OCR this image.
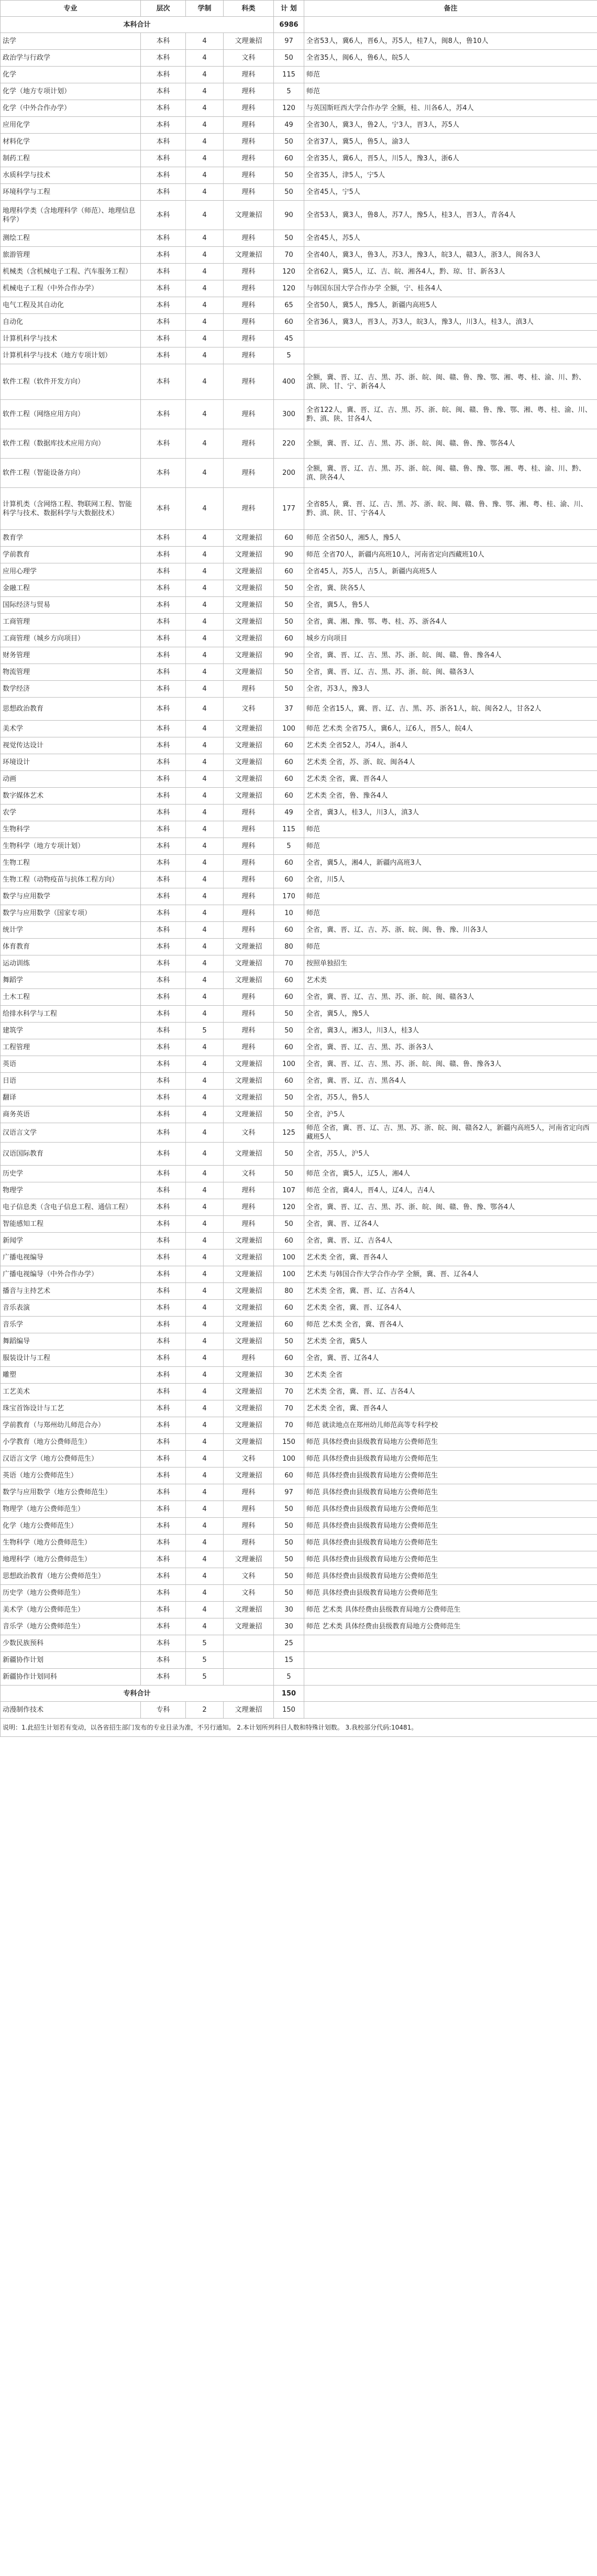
专业	层次	学制	科类	计 划	备注
本科合计				6986	
法学	本科	4	文理兼招	97	全省53人，冀6人，晋6人，苏5人，桂7人，闽8人，鲁10人
政治学与行政学	本科	4	文科	50	全省35人，闽6人，鲁6人，皖5人
化学	本科	4	理科	115	师范
化学（地方专项计划）	本科	4	理科	5	师范
化学（中外合作办学）	本科	4	理科	120	与英国斯旺西大学合作办学 全额，桂、川各6人，苏4人
应用化学	本科	4	理科	49	全省30人，冀3人，鲁2人，宁3人，晋3人，苏5人
材料化学	本科	4	理科	50	全省37人，冀5人，鲁5人，渝3人
制药工程	本科	4	理科	60	全省35人，冀6人，晋5人，川5人，豫3人，浙6人
水质科学与技术	本科	4	理科	50	全省35人，津5人，宁5人
环境科学与工程	本科	4	理科	50	全省45人，宁5人
地理科学类（含地理科学（师范）、地理信息科学）	本科	4	文理兼招	90	全省53人，冀3人，鲁8人，苏7人，豫5人，桂3人，晋3人，青各4人
测绘工程	本科	4	理科	50	全省45人，苏5人
旅游管理	本科	4	文理兼招	70	全省40人，冀3人，鲁3人，苏3人，豫3人，皖3人，赣3人，浙3人，闽各3人
机械类（含机械电子工程、汽车服务工程）	本科	4	理科	120	全省62人，冀5人，辽、吉、皖、湘各4人，黔、琼、甘、新各3人
机械电子工程（中外合作办学）	本科	4	理科	120	与韩国东国大学合作办学 全额，宁、桂各4人
电气工程及其自动化	本科	4	理科	65	全省50人，冀5人，豫5人，新疆内高班5人
自动化	本科	4	理科	60	全省36人，冀3人，晋3人，苏3人，皖3人，豫3人，川3人，桂3人，滇3人
计算机科学与技术	本科	4	理科	45	
计算机科学与技术（地方专项计划）	本科	4	理科	5	
软件工程（软件开发方向）	本科	4	理科	400	全额，冀、晋、辽、吉、黑、苏、浙、皖、闽、赣、鲁、豫、鄂、湘、粤、桂、渝、川、黔、滇、陕、甘、宁、新各4人
软件工程（网络应用方向）	本科	4	理科	300	全省122人，冀、晋、辽、吉、黑、苏、浙、皖、闽、赣、鲁、豫、鄂、湘、粤、桂、渝、川、黔、滇、陕、甘各4人
软件工程（数据库技术应用方向）	本科	4	理科	220	全额，冀、晋、辽、吉、黑、苏、浙、皖、闽、赣、鲁、豫、鄂各4人
软件工程（智能设备方向）	本科	4	理科	200	全额，冀、晋、辽、吉、黑、苏、浙、皖、闽、赣、鲁、豫、鄂、湘、粤、桂、渝、川、黔、滇、陕各4人
计算机类（含网络工程、物联网工程、智能科学与技术、数据科学与大数据技术）	本科	4	理科	177	全省85人，冀、晋、辽、吉、黑、苏、浙、皖、闽、赣、鲁、豫、鄂、湘、粤、桂、渝、川、黔、滇、陕、甘、宁各4人
教育学	本科	4	文理兼招	60	师范 全省50人，湘5人，豫5人
学前教育	本科	4	文理兼招	90	师范 全省70人，新疆内高班10人，河南省定向西藏班10人
应用心理学	本科	4	文理兼招	60	全省45人，苏5人，吉5人，新疆内高班5人
金融工程	本科	4	文理兼招	50	全省，冀、陕各5人
国际经济与贸易	本科	4	文理兼招	50	全省，冀5人，鲁5人
工商管理	本科	4	文理兼招	50	全省，冀、湘、豫、鄂、粤、桂、苏、浙各4人
工商管理（城乡方向项目）	本科	4	文理兼招	60	城乡方向项目
财务管理	本科	4	文理兼招	90	全省，冀、晋、辽、吉、黑、苏、浙、皖、闽、赣、鲁、豫各4人
物流管理	本科	4	文理兼招	50	全省，冀、晋、辽、吉、黑、苏、浙、皖、闽、赣各3人
数学经济	本科	4	理科	50	全省，苏3人，豫3人
思想政治教育	本科	4	文科	37	师范 全省15人，冀、晋、辽、吉、黑、苏、浙各1人，皖、闽各2人，甘各2人
美术学	本科	4	文理兼招	100	师范 艺术类 全省75人，冀6人，辽6人，晋5人，皖4人
视觉传达设计	本科	4	文理兼招	60	艺术类 全省52人，苏4人，浙4人
环境设计	本科	4	文理兼招	60	艺术类 全省，苏、浙、皖、闽各4人
动画	本科	4	文理兼招	60	艺术类 全省，冀、晋各4人
数字媒体艺术	本科	4	文理兼招	60	艺术类 全省，鲁、豫各4人
农学	本科	4	理科	49	全省，冀3人，桂3人，川3人，滇3人
生物科学	本科	4	理科	115	师范
生物科学（地方专项计划）	本科	4	理科	5	师范
生物工程	本科	4	理科	60	全省，冀5人，湘4人，新疆内高班3人
生物工程（动物疫苗与抗体工程方向）	本科	4	理科	60	全省，川5人
数学与应用数学	本科	4	理科	170	师范
数学与应用数学（国家专项）	本科	4	理科	10	师范
统计学	本科	4	理科	60	全省，冀、晋、辽、吉、苏、浙、皖、闽、鲁、豫、川各3人
体育教育	本科	4	文理兼招	80	师范
运动训练	本科	4	文理兼招	70	按照单独招生
舞蹈学	本科	4	文理兼招	60	艺术类
土木工程	本科	4	理科	60	全省，冀、晋、辽、吉、黑、苏、浙、皖、闽、赣各3人
给排水科学与工程	本科	4	理科	50	全省，冀5人，豫5人
建筑学	本科	5	理科	50	全省，冀3人，湘3人，川3人，桂3人
工程管理	本科	4	理科	60	全省，冀、晋、辽、吉、黑、苏、浙各3人
英语	本科	4	文理兼招	100	全省，冀、晋、辽、吉、黑、苏、浙、皖、闽、赣、鲁、豫各3人
日语	本科	4	文理兼招	60	全省，冀、晋、辽、吉、黑各4人
翻译	本科	4	文理兼招	50	全省，苏5人，鲁5人
商务英语	本科	4	文理兼招	50	全省，沪5人
汉语言文学	本科	4	文科	125	师范 全省，冀、晋、辽、吉、黑、苏、浙、皖、闽、赣各2人，新疆内高班5人，河南省定向西藏班5人
汉语国际教育	本科	4	文理兼招	50	全省，苏5人，沪5人
历史学	本科	4	文科	50	师范 全省，冀5人，辽5人，湘4人
物理学	本科	4	理科	107	师范 全省，冀4人，晋4人，辽4人，吉4人
电子信息类（含电子信息工程、通信工程）	本科	4	理科	120	全省，冀、晋、辽、吉、黑、苏、浙、皖、闽、赣、鲁、豫、鄂各4人
智能感知工程	本科	4	理科	50	全省，冀、晋、辽各4人
新闻学	本科	4	文理兼招	60	全省，冀、晋、辽、吉各4人
广播电视编导	本科	4	文理兼招	100	艺术类 全省，冀、晋各4人
广播电视编导（中外合作办学）	本科	4	文理兼招	100	艺术类 与韩国合作大学合作办学 全额，冀、晋、辽各4人
播音与主持艺术	本科	4	文理兼招	80	艺术类 全省，冀、晋、辽、吉各4人
音乐表演	本科	4	文理兼招	60	艺术类 全省，冀、晋、辽各4人
音乐学	本科	4	文理兼招	60	师范 艺术类 全省，冀、晋各4人
舞蹈编导	本科	4	文理兼招	50	艺术类 全省，冀5人
服装设计与工程	本科	4	理科	60	全省，冀、晋、辽各4人
雕塑	本科	4	文理兼招	30	艺术类 全省
工艺美术	本科	4	文理兼招	70	艺术类 全省，冀、晋、辽、吉各4人
珠宝首饰设计与工艺	本科	4	文理兼招	70	艺术类 全省，冀、晋各4人
学前教育（与郑州幼儿师范合办）	本科	4	文理兼招	70	师范 就读地点在郑州幼儿师范高等专科学校
小学教育（地方公费师范生）	本科	4	文理兼招	150	师范 具体经费由县级教育局地方公费师范生
汉语言文学（地方公费师范生）	本科	4	文科	100	师范 具体经费由县级教育局地方公费师范生
英语（地方公费师范生）	本科	4	文理兼招	60	师范 具体经费由县级教育局地方公费师范生
数学与应用数学（地方公费师范生）	本科	4	理科	97	师范 具体经费由县级教育局地方公费师范生
物理学（地方公费师范生）	本科	4	理科	50	师范 具体经费由县级教育局地方公费师范生
化学（地方公费师范生）	本科	4	理科	50	师范 具体经费由县级教育局地方公费师范生
生物科学（地方公费师范生）	本科	4	理科	50	师范 具体经费由县级教育局地方公费师范生
地理科学（地方公费师范生）	本科	4	文理兼招	50	师范 具体经费由县级教育局地方公费师范生
思想政治教育（地方公费师范生）	本科	4	文科	50	师范 具体经费由县级教育局地方公费师范生
历史学（地方公费师范生）	本科	4	文科	50	师范 具体经费由县级教育局地方公费师范生
美术学（地方公费师范生）	本科	4	文理兼招	30	师范 艺术类 具体经费由县级教育局地方公费师范生
音乐学（地方公费师范生）	本科	4	文理兼招	30	师范 艺术类 具体经费由县级教育局地方公费师范生
少数民族预科	本科	5		25	
新疆协作计划	本科	5		15	
新疆协作计划同科	本科	5		5	
专科合计				150	
动漫制作技术	专科	2	文理兼招	150	
说明：1.此招生计划若有变动，以各省招生部门发布的专业目录为准，不另行通知。 2.本计划所列科目人数和特殊计划数。 3.我校部分代码:10481。					
